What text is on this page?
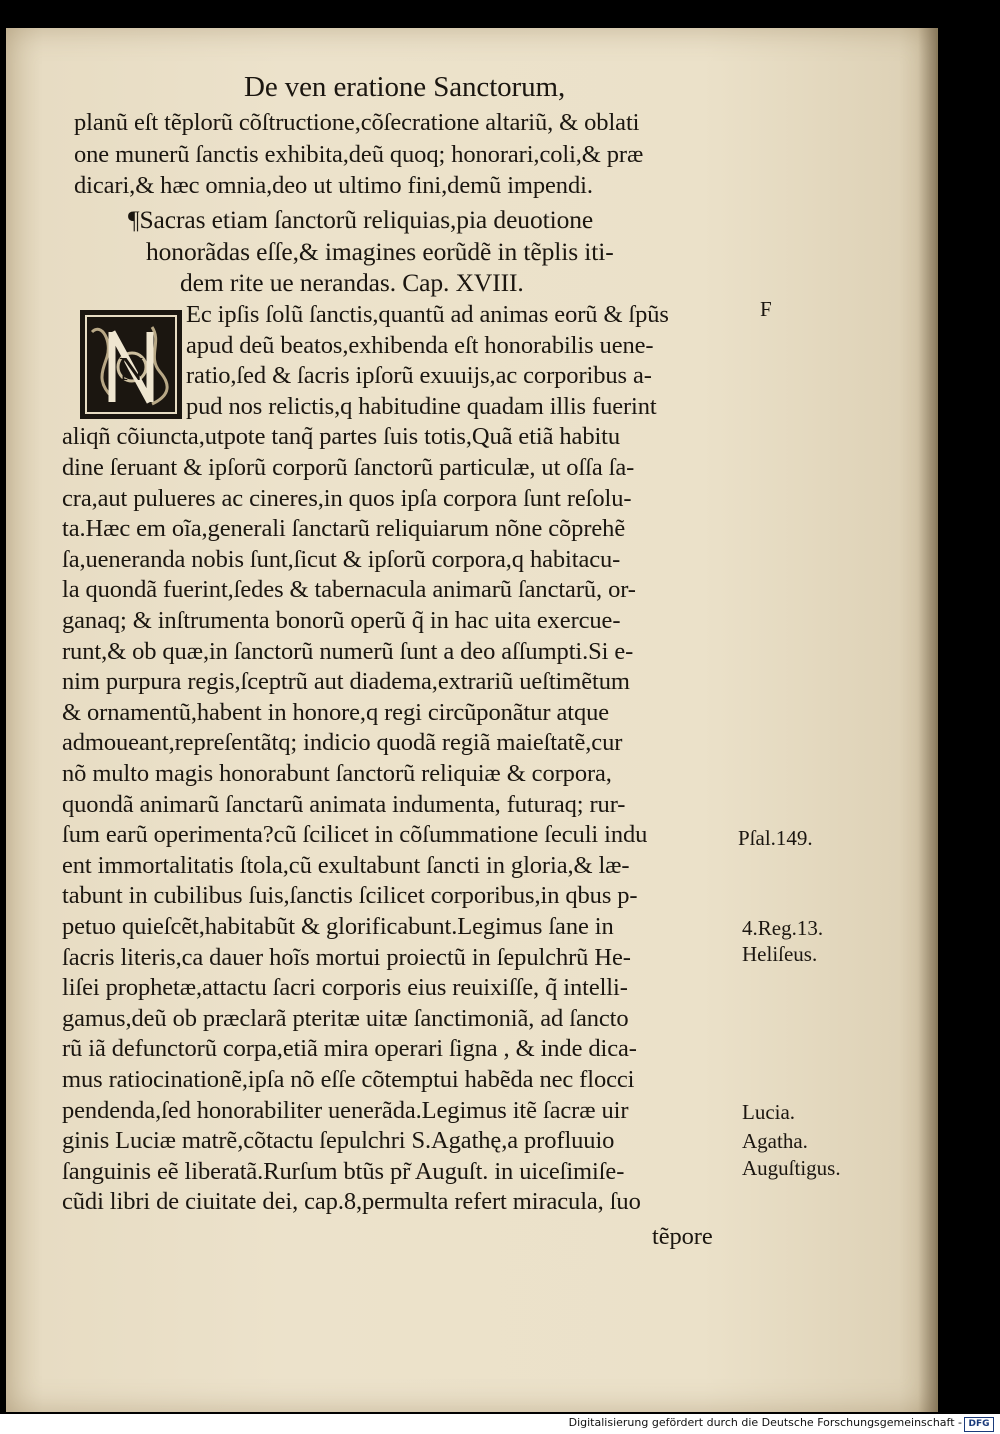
De ven eratione Sanctorum,
planũ eſt tẽplorũ cõſtructione,cõſecratione altariũ, & oblati
one munerũ ſanctis exhibita,deũ quoq; honorari,coli,& præ
dicari,& hæc omnia,deo ut ultimo fini,demũ impendi.
¶Sacras etiam ſanctorũ reliquias,pia deuotione
honorãdas eſſe,& imagines eorũdẽ in tẽplis iti-
dem rite ue nerandas. Cap. XVIII.
N
Ec ipſis ſolũ ſanctis,quantũ ad animas eorũ & ſpũs
apud deũ beatos,exhibenda eſt honorabilis uene-
ratio,ſed & ſacris ipſorũ exuuijs,ac corporibus a-
pud nos relictis,q habitudine quadam illis fuerint
aliqñ cõiuncta,utpote tanq̃ partes ſuis totis,Quã etiã habitu
dine ſeruant & ipſorũ corporũ ſanctorũ particulæ, ut oſſa ſa-
cra,aut pulueres ac cineres,in quos ipſa corpora ſunt reſolu-
ta.Hæc em oĩa,generali ſanctarũ reliquiarum nõne cõprehẽ
ſa,ueneranda nobis ſunt,ſicut & ipſorũ corpora,q habitacu-
la quondã fuerint,ſedes & tabernacula animarũ ſanctarũ, or-
ganaq; & inſtrumenta bonorũ operũ q̃ in hac uita exercue-
runt,& ob quæ,in ſanctorũ numerũ ſunt a deo aſſumpti.Si e-
nim purpura regis,ſceptrũ aut diadema,extrariũ ueſtimẽtum
& ornamentũ,habent in honore,q regi circũponãtur atque
admoueant,repreſentãtq; indicio quodã regiã maieſtatẽ,cur
nõ multo magis honorabunt ſanctorũ reliquiæ & corpora,
quondã animarũ ſanctarũ animata indumenta, futuraq; rur-
ſum earũ operimenta?cũ ſcilicet in cõſummatione ſeculi indu
ent immortalitatis ſtola,cũ exultabunt ſancti in gloria,& læ-
tabunt in cubilibus ſuis,ſanctis ſcilicet corporibus,in qbus p-
petuo quieſcẽt,habitabũt & glorificabunt.Legimus ſane in
ſacris literis,ca dauer hoĩs mortui proiectũ in ſepulchrũ He-
liſei prophetæ,attactu ſacri corporis eius reuixiſſe, q̃ intelli-
gamus,deũ ob præclarã pteritæ uitæ ſanctimoniã, ad ſancto
rũ iã defunctorũ corpa,etiã mira operari ſigna , & inde dica-
mus ratiocinationẽ,ipſa nõ eſſe cõtemptui habẽda nec flocci
pendenda,ſed honorabiliter uenerãda.Legimus itẽ ſacræ uir
ginis Luciæ matrẽ,cõtactu ſepulchri S.Agathę,a profluuio
ſanguinis eẽ liberatã.Rurſum btũs pr̃ Auguſt. in uiceſimiſe-
cũdi libri de ciuitate dei, cap.8,permulta refert miracula, ſuo
tẽpore
F
Pſal.149.
4.Reg.13.
Heliſeus.
Lucia.
Agatha.
Auguſtigus.
Digitalisierung gefördert durch die Deutsche Forschungsgemeinschaft - DFG
